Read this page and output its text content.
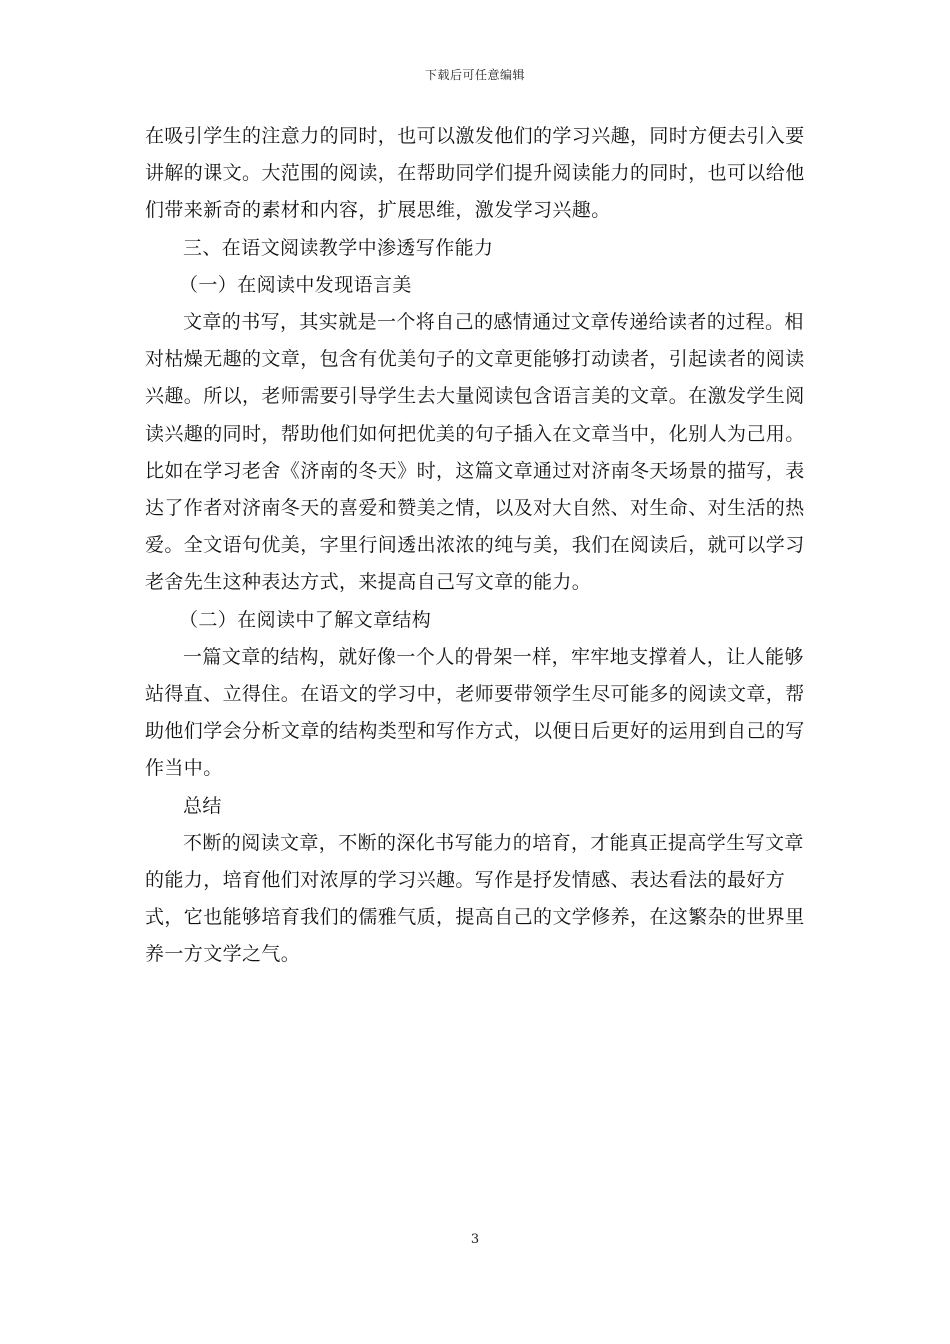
下载后可任意编辑

在吸引学生的注意力的同时，也可以激发他们的学习兴趣，同时方便去引入要讲解的课文。大范围的阅读，在帮助同学们提升阅读能力的同时，也可以给他们带来新奇的素材和内容，扩展思维，激发学习兴趣。

三、在语文阅读教学中渗透写作能力

（一）在阅读中发现语言美

文章的书写，其实就是一个将自己的感情通过文章传递给读者的过程。相对枯燥无趣的文章，包含有优美句子的文章更能够打动读者，引起读者的阅读兴趣。所以，老师需要引导学生去大量阅读包含语言美的文章。在激发学生阅读兴趣的同时，帮助他们如何把优美的句子插入在文章当中，化别人为己用。比如在学习老舍《济南的冬天》时，这篇文章通过对济南冬天场景的描写，表达了作者对济南冬天的喜爱和赞美之情，以及对大自然、对生命、对生活的热爱。全文语句优美，字里行间透出浓浓的纯与美，我们在阅读后，就可以学习老舍先生这种表达方式，来提高自己写文章的能力。

（二）在阅读中了解文章结构

一篇文章的结构，就好像一个人的骨架一样，牢牢地支撑着人，让人能够站得直、立得住。在语文的学习中，老师要带领学生尽可能多的阅读文章，帮助他们学会分析文章的结构类型和写作方式，以便日后更好的运用到自己的写作当中。

总结

不断的阅读文章，不断的深化书写能力的培育，才能真正提高学生写文章的能力，培育他们对浓厚的学习兴趣。写作是抒发情感、表达看法的最好方式，它也能够培育我们的儒雅气质，提高自己的文学修养，在这繁杂的世界里养一方文学之气。

3
